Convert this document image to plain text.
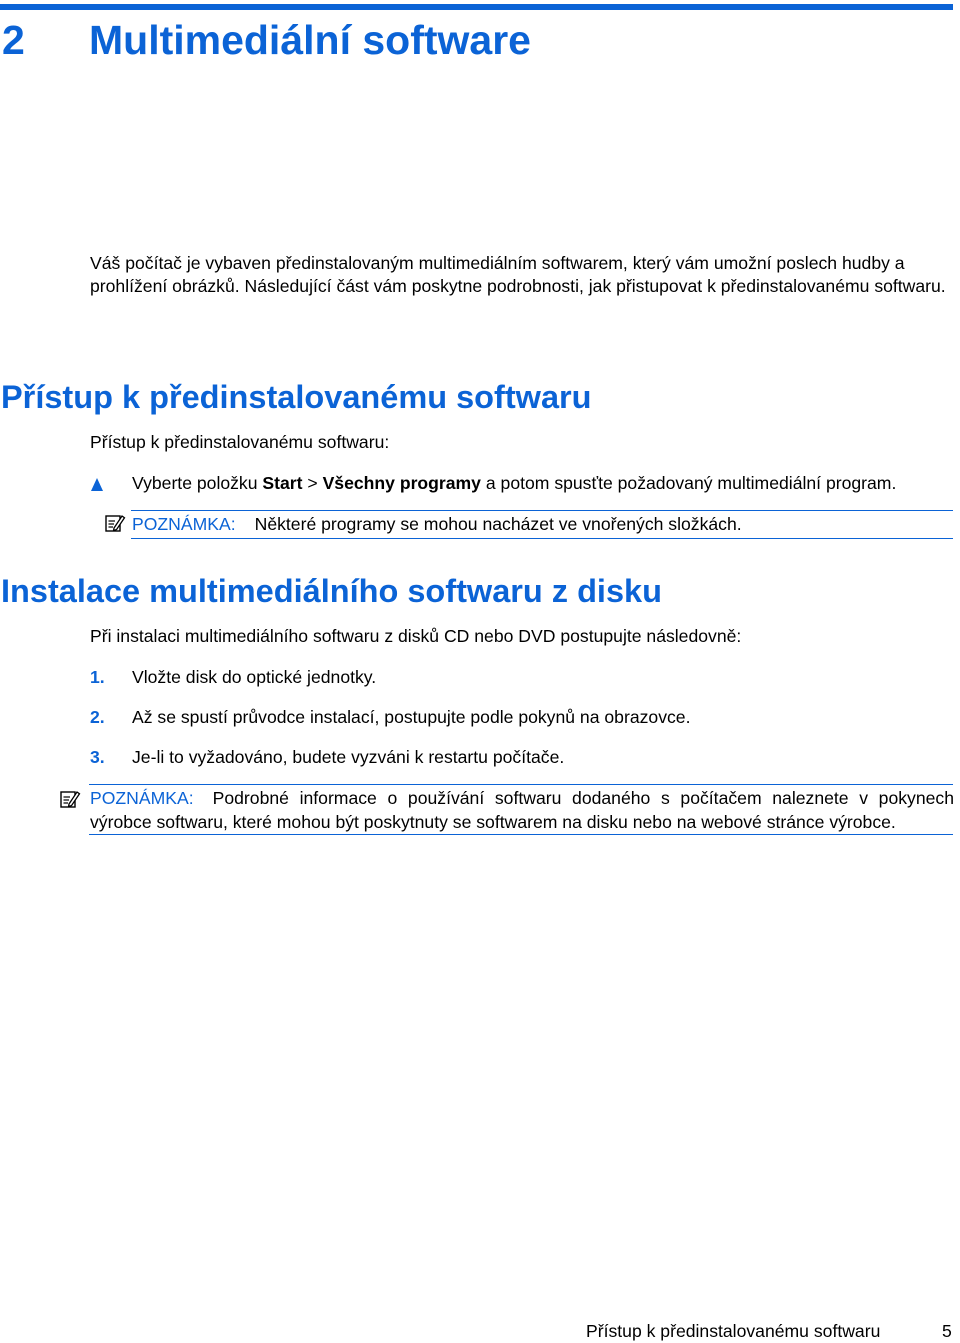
2 Multimediální software

Váš počítač je vybaven předinstalovaným multimediálním softwarem, který vám umožní poslech hudby a prohlížení obrázků. Následující část vám poskytne podrobnosti, jak přistupovat k předinstalovanému softwaru.

Přístup k předinstalovanému softwaru

Přístup k předinstalovanému softwaru:

Vyberte položku Start > Všechny programy a potom spusťte požadovaný multimediální program.

POZNÁMKA: Některé programy se mohou nacházet ve vnořených složkách.

Instalace multimediálního softwaru z disku

Při instalaci multimediálního softwaru z disků CD nebo DVD postupujte následovně:

1. Vložte disk do optické jednotky.

2. Až se spustí průvodce instalací, postupujte podle pokynů na obrazovce.

3. Je-li to vyžadováno, budete vyzváni k restartu počítače.

POZNÁMKA: Podrobné informace o používání softwaru dodaného s počítačem naleznete v pokynech
výrobce softwaru, které mohou být poskytnuty se softwarem na disku nebo na webové stránce výrobce.

Přístup k předinstalovanému softwaru	5
